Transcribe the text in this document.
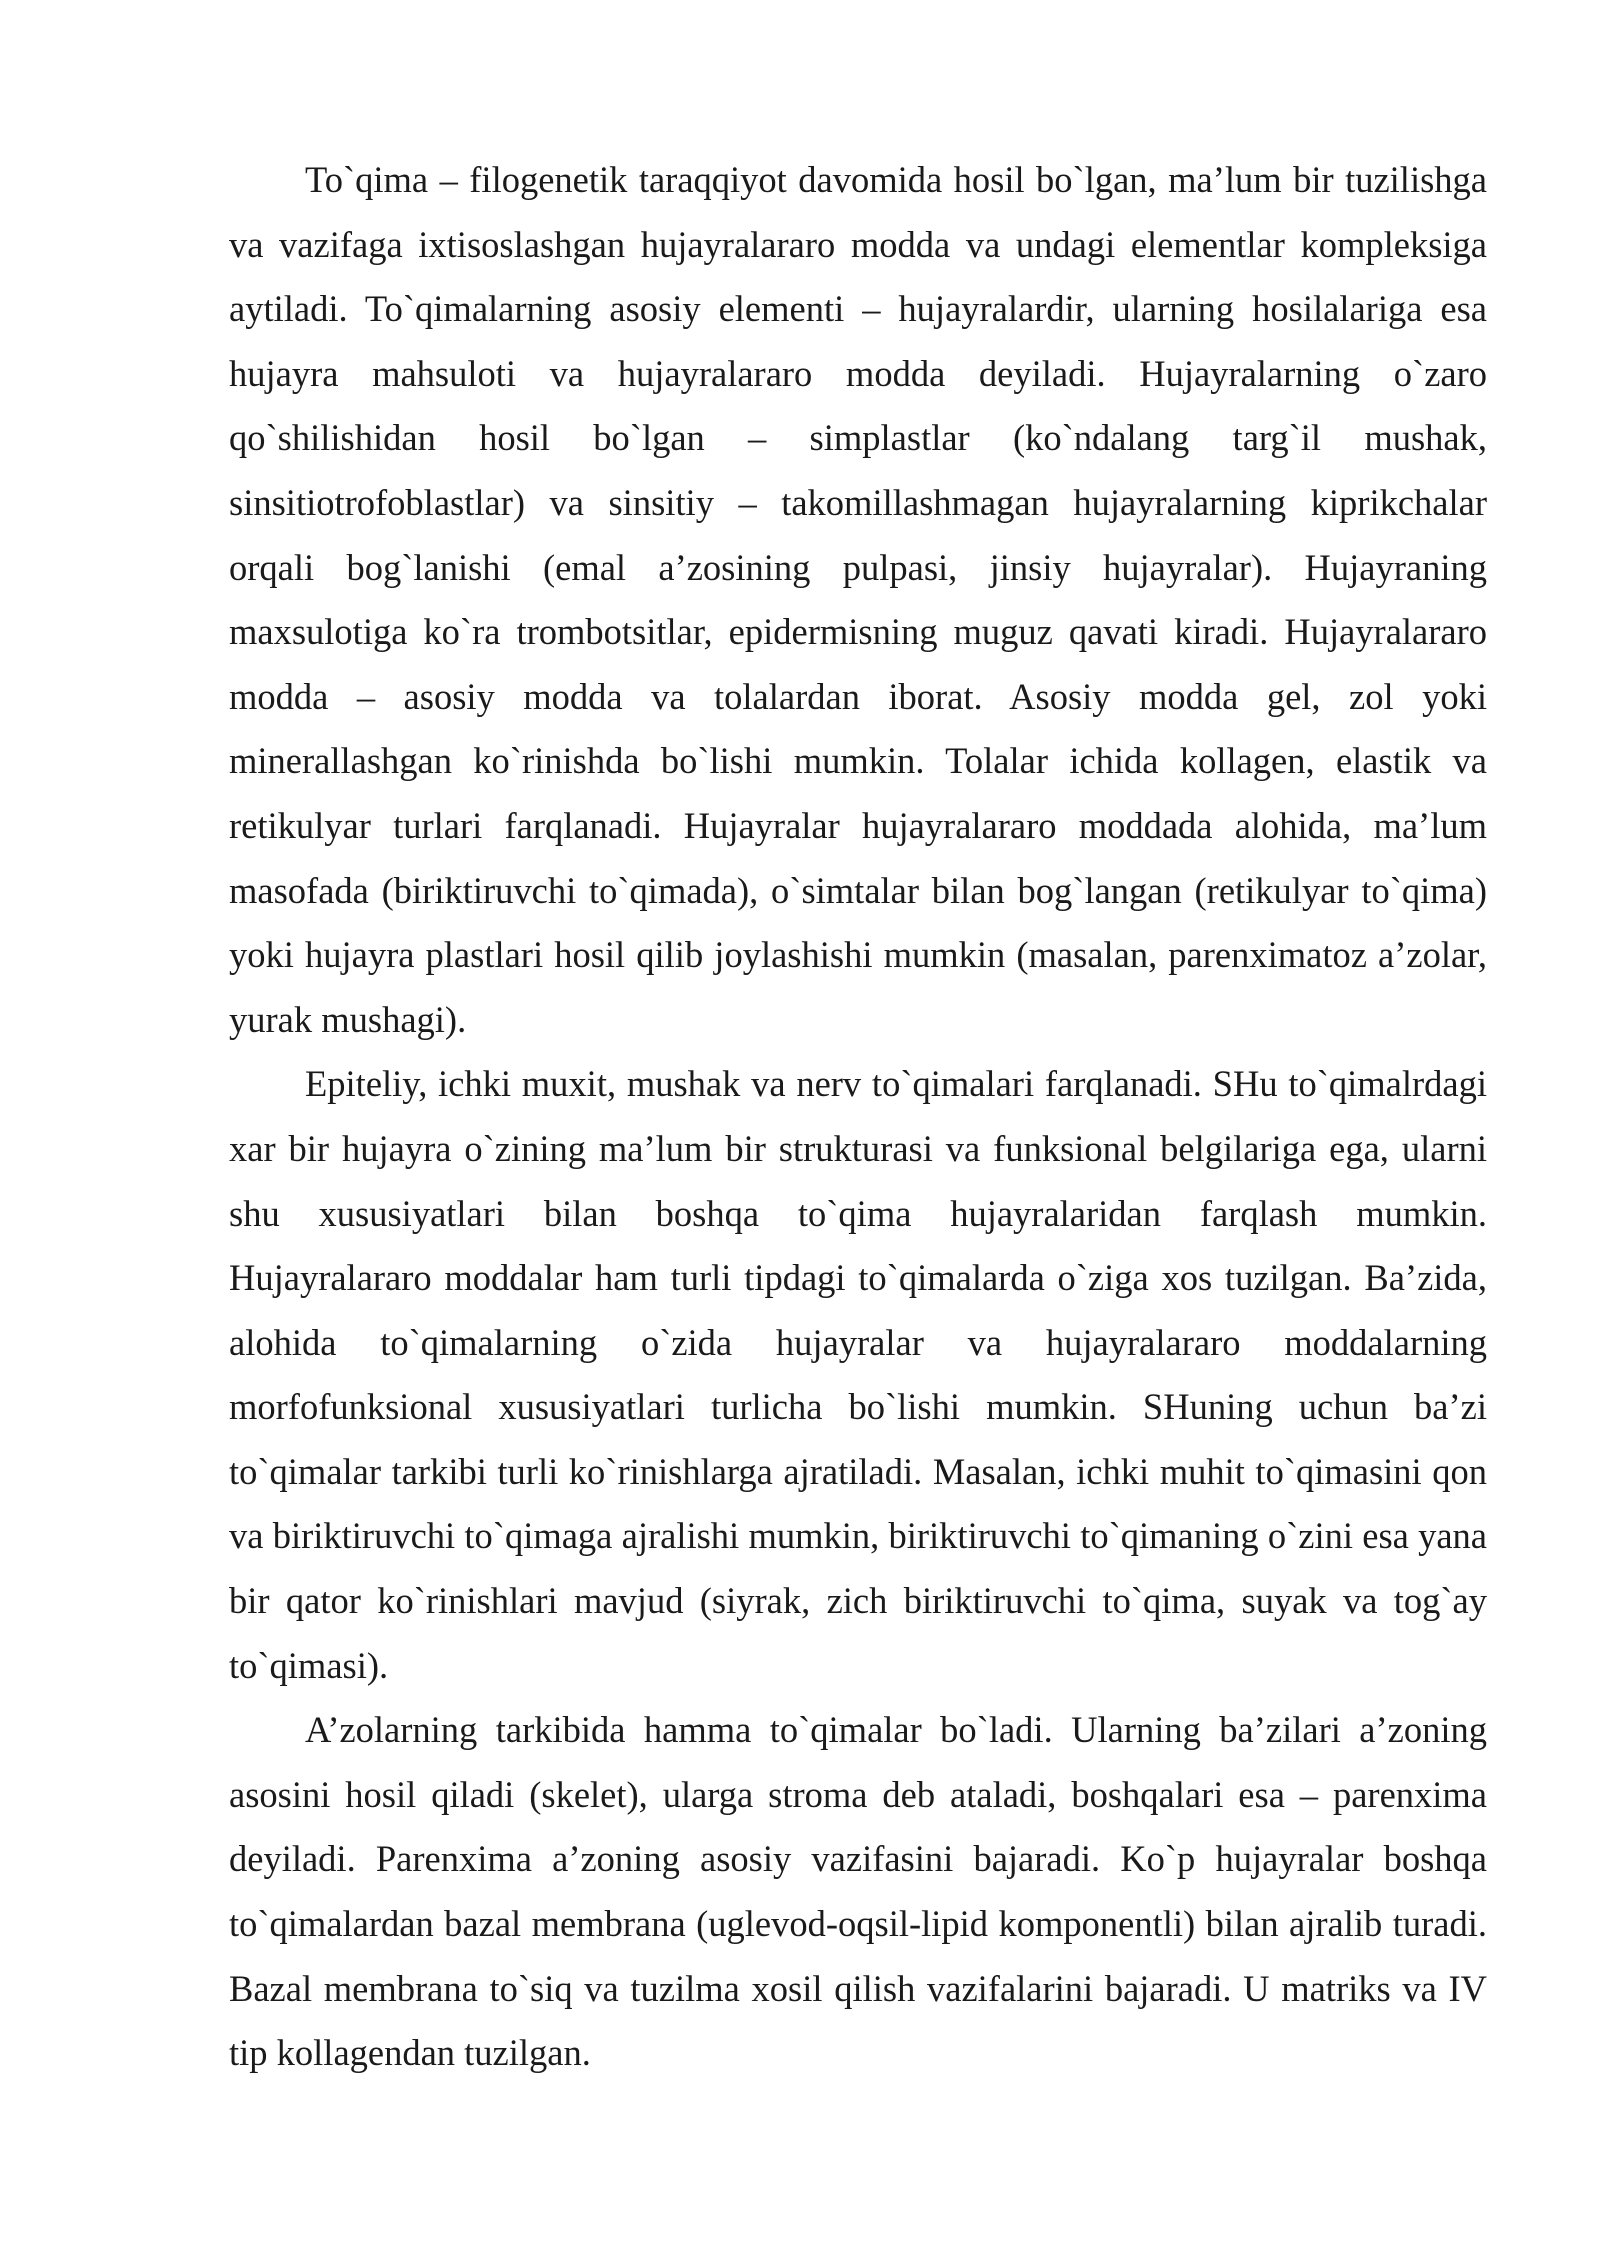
To`qima – filogenetik taraqqiyot davomida hosil bo`lgan, ma’lum bir tuzilishga va vazifaga ixtisoslashgan hujayralararo modda va undagi elementlar kompleksiga aytiladi. To`qimalarning asosiy elementi – hujayralardir, ularning hosilalariga esa hujayra mahsuloti va hujayralararo modda deyiladi. Hujayralarning o`zaro qo`shilishidan hosil bo`lgan – simplastlar (ko`ndalang targ`il mushak, sinsitiotrofoblastlar) va sinsitiy – takomillashmagan hujayralarning kiprikchalar orqali bog`lanishi (emal a’zosining pulpasi, jinsiy hujayralar). Hujayraning maxsulotiga ko`ra trombotsitlar, epidermisning muguz qavati kiradi. Hujayralararo modda – asosiy modda va tolalardan iborat. Asosiy modda gel, zol yoki minerallashgan ko`rinishda bo`lishi mumkin. Tolalar ichida kollagen, elastik va retikulyar turlari farqlanadi. Hujayralar hujayralararo moddada alohida, ma’lum masofada (biriktiruvchi to`qimada), o`simtalar bilan bog`langan (retikulyar to`qima) yoki hujayra plastlari hosil qilib joylashishi mumkin (masalan, parenximatoz a’zolar, yurak mushagi).

Epiteliy, ichki muxit, mushak va nerv to`qimalari farqlanadi. SHu to`qimalrdagi xar bir hujayra o`zining ma’lum bir strukturasi va funksional belgilariga ega, ularni shu xususiyatlari bilan boshqa to`qima hujayralaridan farqlash mumkin. Hujayralararo moddalar ham turli tipdagi to`qimalarda o`ziga xos tuzilgan. Ba’zida, alohida to`qimalarning o`zida hujayralar va hujayralararo moddalarning morfofunksional xususiyatlari turlicha bo`lishi mumkin. SHuning uchun ba’zi to`qimalar tarkibi turli ko`rinishlarga ajratiladi. Masalan, ichki muhit to`qimasini qon va biriktiruvchi to`qimaga ajralishi mumkin, biriktiruvchi to`qimaning o`zini esa yana bir qator ko`rinishlari mavjud (siyrak, zich biriktiruvchi to`qima, suyak va tog`ay to`qimasi).

A’zolarning tarkibida hamma to`qimalar bo`ladi. Ularning ba’zilari a’zoning asosini hosil qiladi (skelet), ularga stroma deb ataladi, boshqalari esa – parenxima deyiladi. Parenxima a’zoning asosiy vazifasini bajaradi. Ko`p hujayralar boshqa to`qimalardan bazal membrana (uglevod-oqsil-lipid komponentli) bilan ajralib turadi. Bazal membrana to`siq va tuzilma xosil qilish vazifalarini bajaradi. U matriks va IV tip kollagendan tuzilgan.
